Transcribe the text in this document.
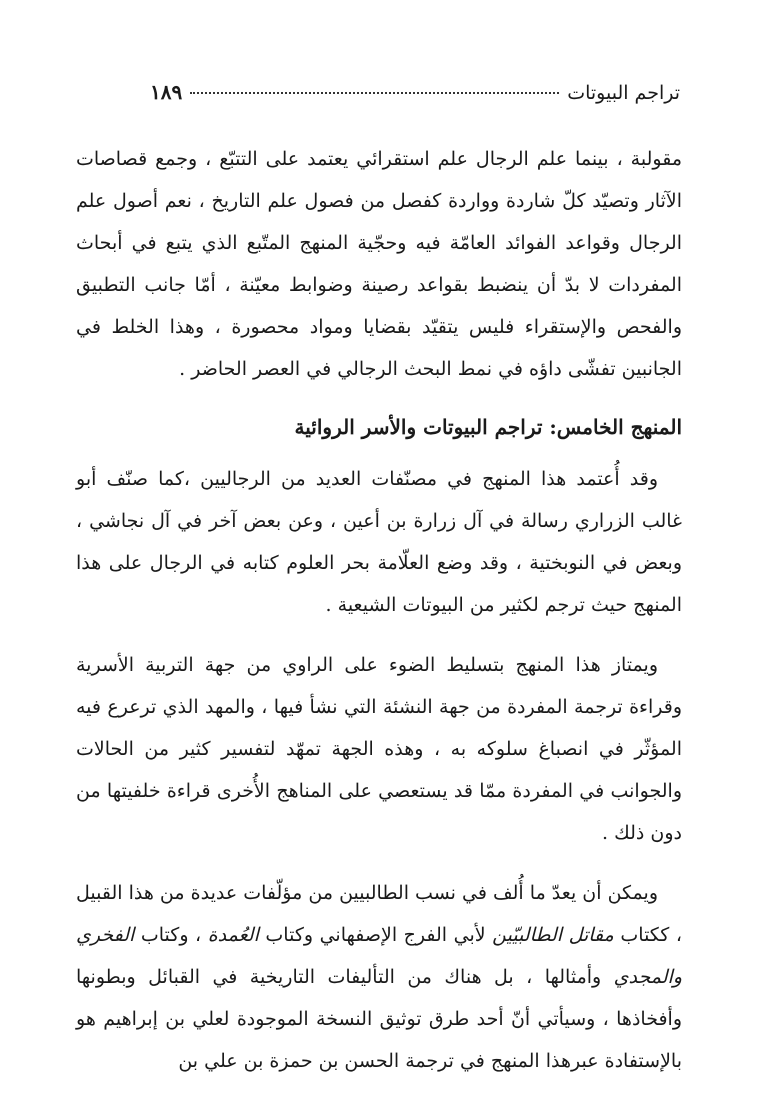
تراجم البيوتات
١٨٩

مقولبة ، بينما علم الرجال علم استقرائي يعتمد على التتبّع ، وجمع قصاصات الآثار وتصيّد كلّ شاردة وواردة كفصل من فصول علم التاريخ ، نعم أصول علم الرجال وقواعد الفوائد العامّة فيه وحجّية المنهج المتّبع الذي يتبع في أبحاث المفردات لا بدّ أن ينضبط بقواعد رصينة وضوابط معيّنة ، أمّا جانب التطبيق والفحص والإستقراء فليس يتقيّد بقضايا ومواد محصورة ، وهذا الخلط في الجانبين تفشّى داؤه في نمط البحث الرجالي في العصر الحاضر .

المنهج الخامس: تراجم البيوتات والأسر الروائية

وقد أُعتمد هذا المنهج في مصنّفات العديد من الرجاليين ،كما صنّف أبو غالب الزراري رسالة في آل زرارة بن أعين ، وعن بعض آخر في آل نجاشي ، وبعض في النوبختية ، وقد وضع العلّامة بحر العلوم كتابه في الرجال على هذا المنهج حيث ترجم لكثير من البيوتات الشيعية .

ويمتاز هذا المنهج بتسليط الضوء على الراوي من جهة التربية الأسرية وقراءة ترجمة المفردة من جهة النشئة التي نشأ فيها ، والمهد الذي ترعرع فيه المؤثّر في انصباغ سلوكه به ، وهذه الجهة تمهّد لتفسير كثير من الحالات والجوانب في المفردة ممّا قد يستعصي على المناهج الأُخرى قراءة خلفيتها من دون ذلك .

ويمكن أن يعدّ ما أُلف في نسب الطالبيين من مؤلّفات عديدة من هذا القبيل ، ككتاب مقاتل الطالبيّين لأبي الفرج الإصفهاني وكتاب العُمدة ، وكتاب الفخري والمجدي وأمثالها ، بل هناك من التأليفات التاريخية في القبائل وبطونها وأفخاذها ، وسيأتي أنّ أحد طرق توثيق النسخة الموجودة لعلي بن إبراهيم هو بالإستفادة عبرهذا المنهج في ترجمة الحسن بن حمزة بن علي بن
